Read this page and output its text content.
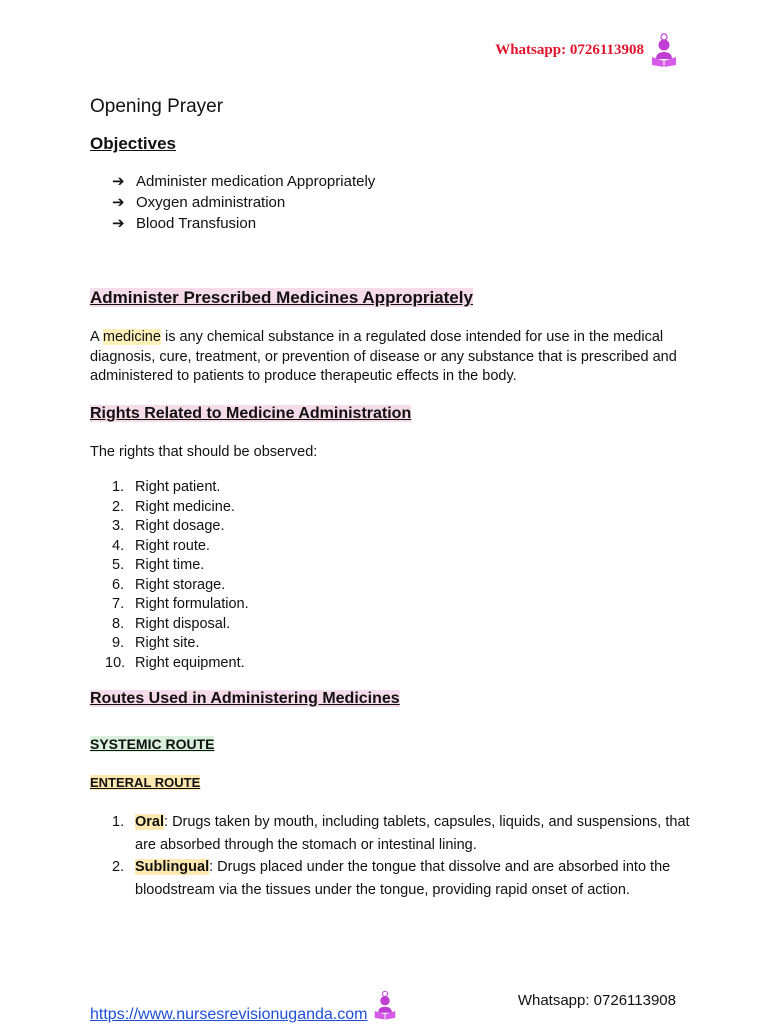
Whatsapp: 0726113908
Opening Prayer
Objectives
➔ Administer medication Appropriately
➔ Oxygen administration
➔ Blood Transfusion
Administer Prescribed Medicines Appropriately

A medicine is any chemical substance in a regulated dose intended for use in the medical diagnosis, cure, treatment, or prevention of disease or any substance that is prescribed and administered to patients to produce therapeutic effects in the body.

Rights Related to Medicine Administration
The rights that should be observed:
1. Right patient.
2. Right medicine.
3. Right dosage.
4. Right route.
5. Right time.
6. Right storage.
7. Right formulation.
8. Right disposal.
9. Right site.
10. Right equipment.
Routes Used in Administering Medicines
SYSTEMIC ROUTE
ENTERAL ROUTE
1. Oral: Drugs taken by mouth, including tablets, capsules, liquids, and suspensions, that are absorbed through the stomach or intestinal lining.
2. Sublingual: Drugs placed under the tongue that dissolve and are absorbed into the bloodstream via the tissues under the tongue, providing rapid onset of action.
https://www.nursesrevisionuganda.com
Whatsapp: 0726113908
